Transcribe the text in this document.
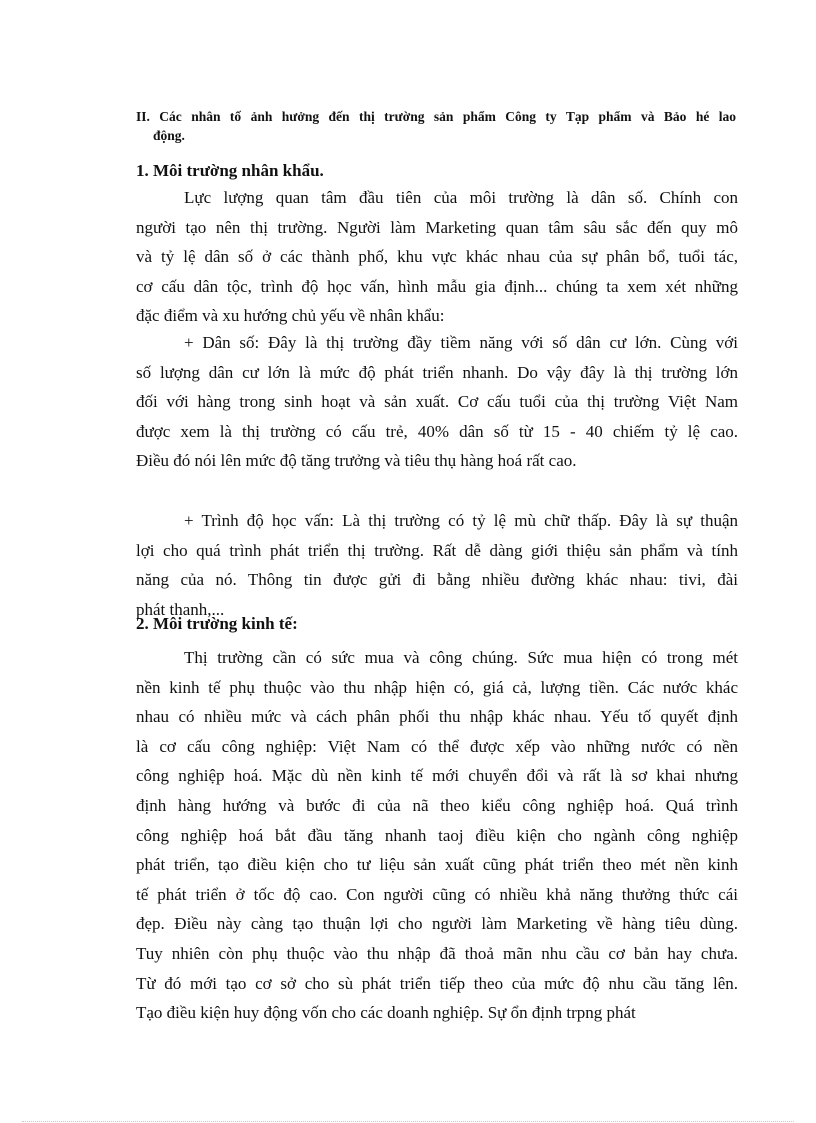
II. Các nhân tố ảnh hưởng đến thị trường sản phẩm Công ty Tạp phẩm và Bảo hé lao
động.
1. Môi trường nhân khẩu.
Lực lượng quan tâm đầu tiên của môi trường là dân số. Chính con
người tạo nên thị trường. Người làm Marketing quan tâm sâu sắc đến quy mô
và tỷ lệ dân số ở các thành phố, khu vực khác nhau của sự phân bổ, tuổi tác,
cơ cấu dân tộc, trình độ học vấn, hình mẫu gia định... chúng ta xem xét những
đặc điểm và xu hướng chủ yếu về nhân khẩu:
+ Dân số: Đây là thị trường đầy tiềm năng với số dân cư lớn. Cùng với
số lượng dân cư lớn là mức độ phát triển nhanh. Do vậy đây là thị trường lớn
đối với hàng trong sinh hoạt và sản xuất. Cơ cấu tuổi của thị trường Việt Nam
được xem là thị trường có cấu trẻ, 40% dân số từ 15 - 40 chiếm tỷ lệ cao.
Điều đó nói lên mức độ tăng trưởng và tiêu thụ hàng hoá rất cao.
+ Trình độ học vấn: Là thị trường có tỷ lệ mù chữ thấp. Đây là sự thuận
lợi cho quá trình phát triển thị trường. Rất dễ dàng giới thiệu sản phẩm và tính
năng của nó. Thông tin được gửi đi bằng nhiều đường khác nhau: tivi, đài
phát thanh,...
2. Môi trường kinh tế:
Thị trường cần có sức mua và công chúng. Sức mua hiện có trong mét
nền kinh tế phụ thuộc vào thu nhập hiện có, giá cả, lượng tiền. Các nước khác
nhau có nhiều mức và cách phân phối thu nhập khác nhau. Yếu tố quyết định
là cơ cấu công nghiệp: Việt Nam có thể được xếp vào những nước có nền
công nghiệp hoá. Mặc dù nền kinh tế mới chuyển đổi và rất là sơ khai nhưng
định hàng hướng và bước đi của nã theo kiểu công nghiệp hoá. Quá trình
công nghiệp hoá bắt đầu tăng nhanh taoj điều kiện cho ngành công nghiệp
phát triển, tạo điều kiện cho tư liệu sản xuất cũng phát triển theo mét nền kinh
tế phát triển ở tốc độ cao. Con người cũng có nhiều khả năng thưởng thức cái
đẹp. Điều này càng tạo thuận lợi cho người làm Marketing về hàng tiêu dùng.
Tuy nhiên còn phụ thuộc vào thu nhập đã thoả mãn nhu cầu cơ bản hay chưa.
Từ đó mới tạo cơ sở cho sù phát triển tiếp theo của mức độ nhu cầu tăng lên.
Tạo điều kiện huy động vốn cho các doanh nghiệp. Sự ổn định trpng phát
